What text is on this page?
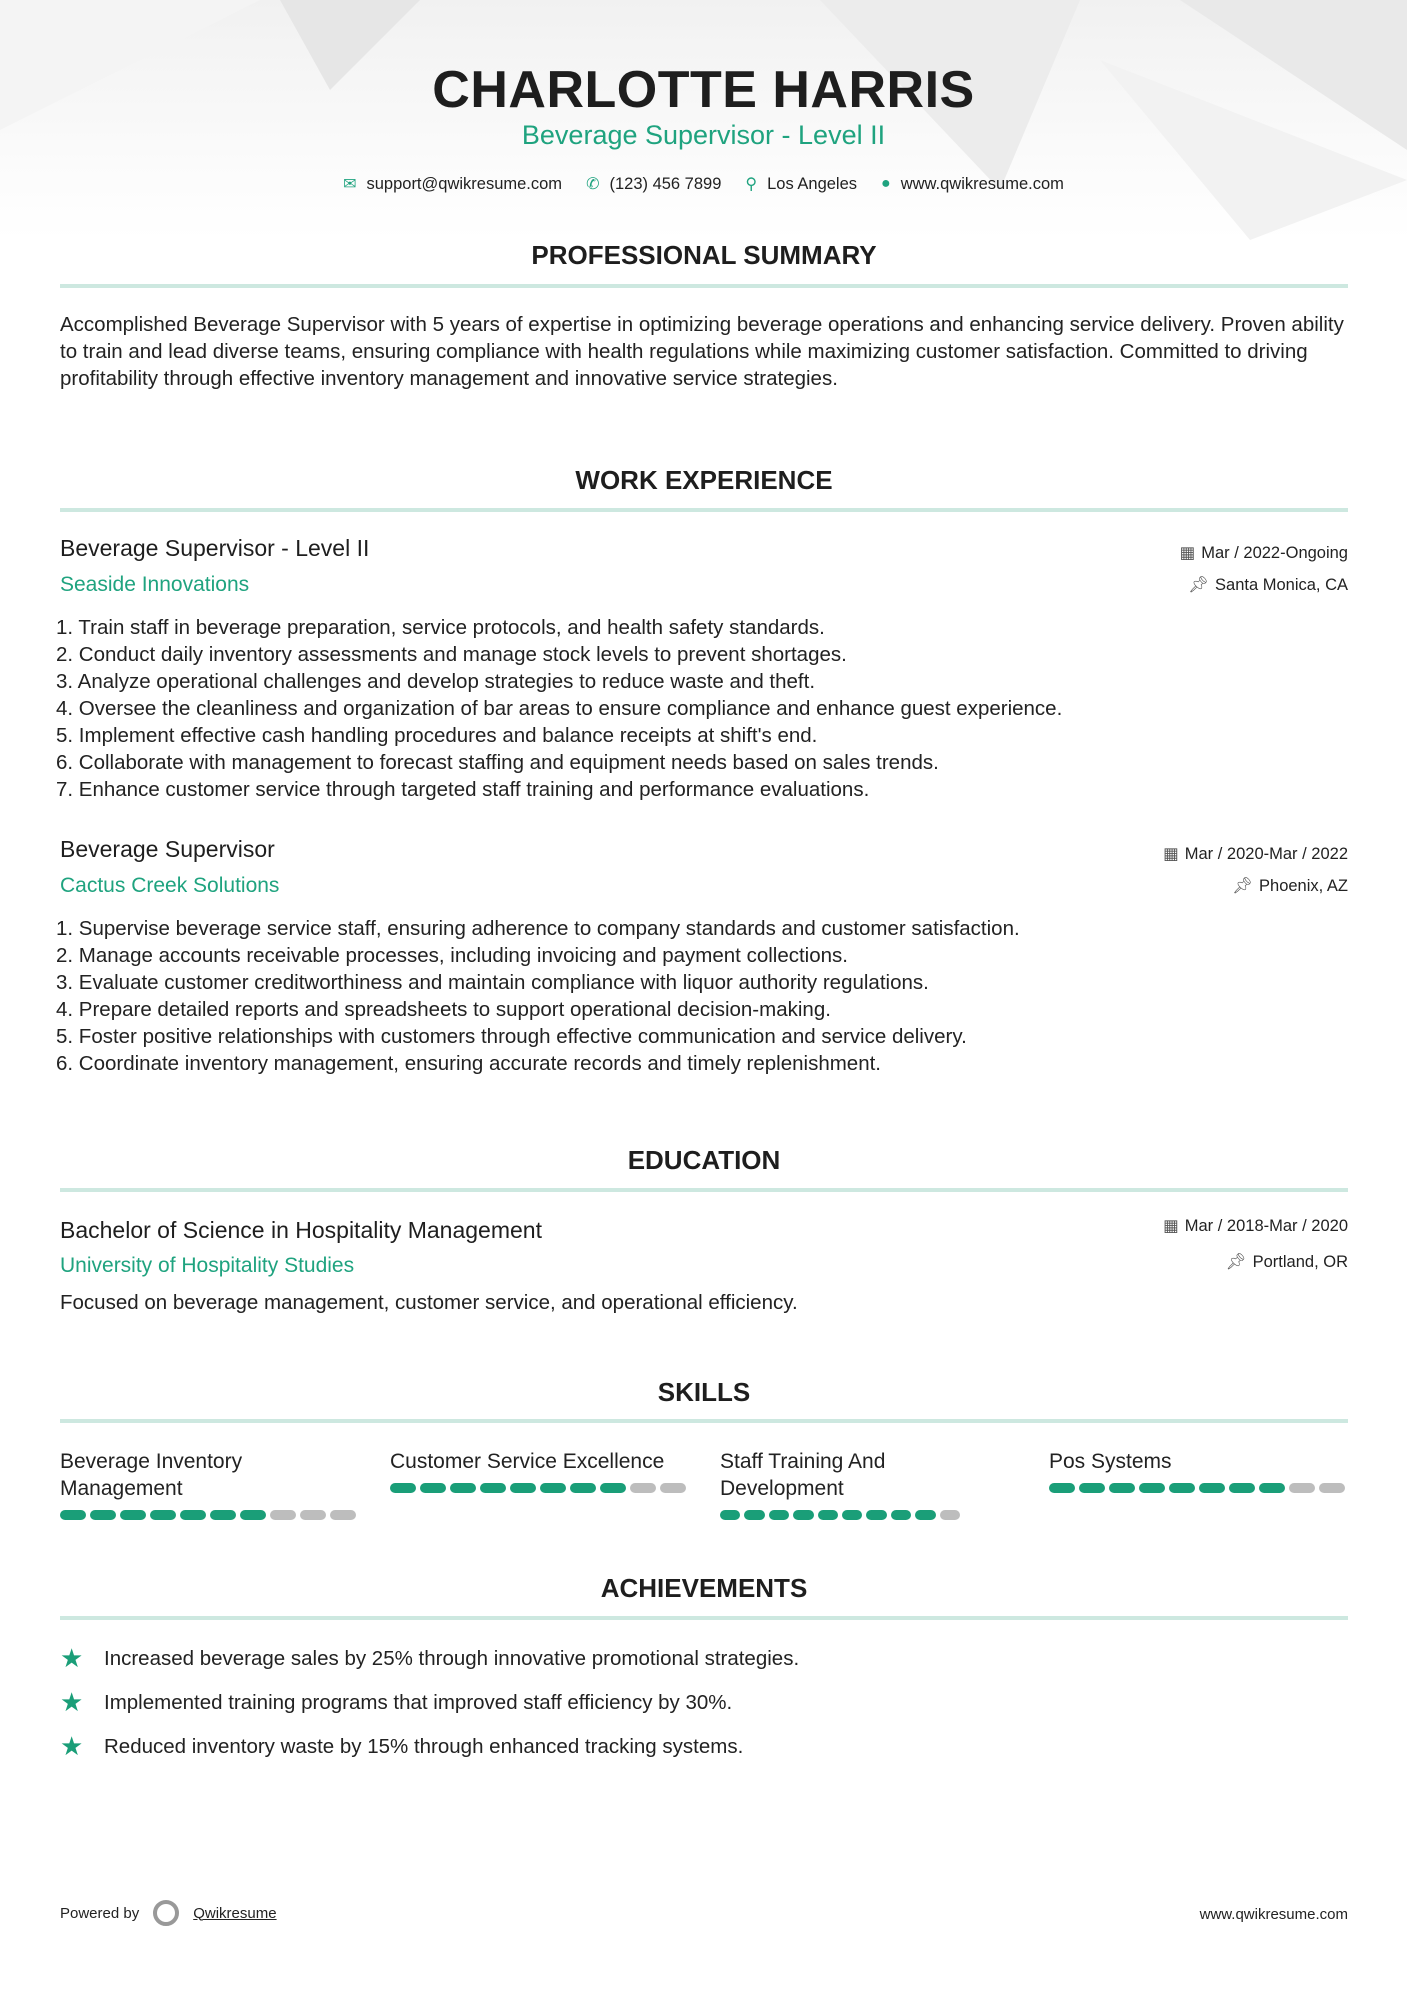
CHARLOTTE HARRIS
Beverage Supervisor - Level II
✉ support@qwikresume.com ✆ (123) 456 7899 ⚲ Los Angeles ● www.qwikresume.com
PROFESSIONAL SUMMARY
Accomplished Beverage Supervisor with 5 years of expertise in optimizing beverage operations and enhancing service delivery. Proven ability to train and lead diverse teams, ensuring compliance with health regulations while maximizing customer satisfaction. Committed to driving profitability through effective inventory management and innovative service strategies.
WORK EXPERIENCE
Beverage Supervisor - Level II	▦ Mar / 2022-Ongoing
Seaside Innovations	📌︎ Santa Monica, CA
1. Train staff in beverage preparation, service protocols, and health safety standards.
2. Conduct daily inventory assessments and manage stock levels to prevent shortages.
3. Analyze operational challenges and develop strategies to reduce waste and theft.
4. Oversee the cleanliness and organization of bar areas to ensure compliance and enhance guest experience.
5. Implement effective cash handling procedures and balance receipts at shift's end.
6. Collaborate with management to forecast staffing and equipment needs based on sales trends.
7. Enhance customer service through targeted staff training and performance evaluations.
Beverage Supervisor	▦ Mar / 2020-Mar / 2022
Cactus Creek Solutions	📌︎ Phoenix, AZ
1. Supervise beverage service staff, ensuring adherence to company standards and customer satisfaction.
2. Manage accounts receivable processes, including invoicing and payment collections.
3. Evaluate customer creditworthiness and maintain compliance with liquor authority regulations.
4. Prepare detailed reports and spreadsheets to support operational decision-making.
5. Foster positive relationships with customers through effective communication and service delivery.
6. Coordinate inventory management, ensuring accurate records and timely replenishment.
EDUCATION
Bachelor of Science in Hospitality Management	▦ Mar / 2018-Mar / 2020
University of Hospitality Studies	📌︎ Portland, OR
Focused on beverage management, customer service, and operational efficiency.
SKILLS
Beverage Inventory Management
Customer Service Excellence	Staff Training And Development
Pos Systems
ACHIEVEMENTS
★	Increased beverage sales by 25% through innovative promotional strategies.
★	Implemented training programs that improved staff efficiency by 30%.
★	Reduced inventory waste by 15% through enhanced tracking systems.
Powered by	Qwikresume	www.qwikresume.com
